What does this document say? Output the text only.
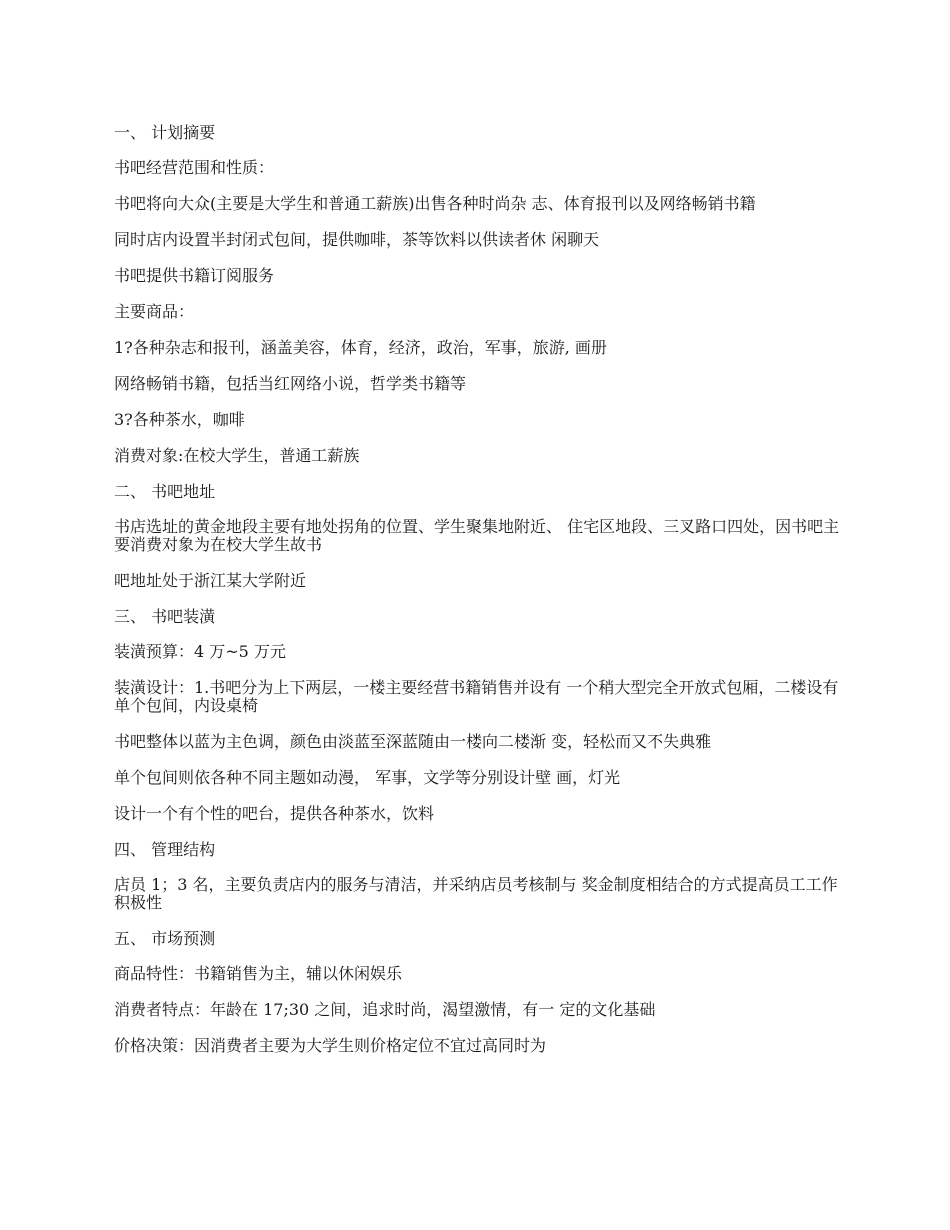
一、 计划摘要

书吧经营范围和性质：

书吧将向大众(主要是大学生和普通工薪族)出售各种时尚杂 志、体育报刊以及网络畅销书籍

同时店内设置半封闭式包间，提供咖啡，茶等饮料以供读者休 闲聊天

书吧提供书籍订阅服务

主要商品：

1?各种杂志和报刊，涵盖美容，体育，经济，政治，军事，旅游, 画册

网络畅销书籍，包括当红网络小说，哲学类书籍等

3?各种茶水，咖啡

消费对象:在校大学生，普通工薪族

二、 书吧地址

书店选址的黄金地段主要有地处拐角的位置、学生聚集地附近、 住宅区地段、三叉路口四处，因书吧主要消费对象为在校大学生故书

吧地址处于浙江某大学附近

三、 书吧装潢

装潢预算：4 万~5 万元

装潢设计：1.书吧分为上下两层，一楼主要经营书籍销售并设有 一个稍大型完全开放式包厢，二楼设有单个包间，内设桌椅

书吧整体以蓝为主色调，颜色由淡蓝至深蓝随由一楼向二楼渐 变，轻松而又不失典雅

单个包间则依各种不同主题如动漫， 军事，文学等分别设计壁 画，灯光

设计一个有个性的吧台，提供各种茶水，饮料

四、 管理结构

店员 1；3 名，主要负责店内的服务与清洁，并采纳店员考核制与 奖金制度相结合的方式提高员工工作积极性

五、 市场预测

商品特性：书籍销售为主，辅以休闲娱乐

消费者特点：年龄在 17;30 之间，追求时尚，渴望激情，有一 定的文化基础

价格决策：因消费者主要为大学生则价格定位不宜过高同时为
